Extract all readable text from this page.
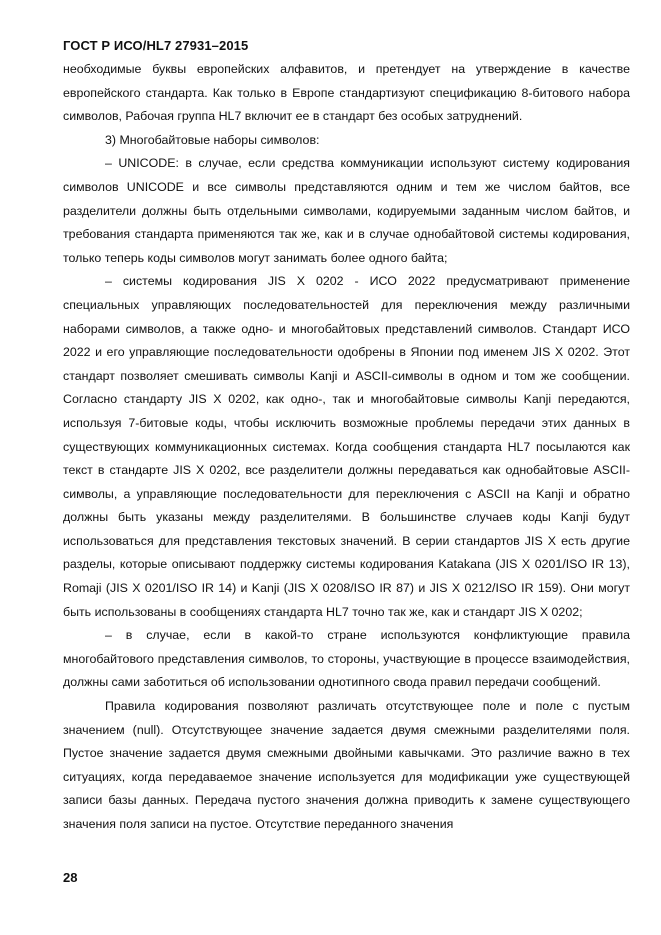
ГОСТ Р ИСО/HL7 27931–2015

необходимые буквы европейских алфавитов, и претендует на утверждение в качестве европейского стандарта. Как только в Европе стандартизуют спецификацию 8-битового набора символов, Рабочая группа HL7 включит ее в стандарт без особых затруднений.

3) Многобайтовые наборы символов:

– UNICODE: в случае, если средства коммуникации используют систему кодирования символов UNICODE и все символы представляются одним и тем же числом байтов, все разделители должны быть отдельными символами, кодируемыми заданным числом байтов, и требования стандарта применяются так же, как и в случае однобайтовой системы кодирования, только теперь коды символов могут занимать более одного байта;

– системы кодирования JIS X 0202 - ИСО 2022 предусматривают применение специальных управляющих последовательностей для переключения между различными наборами символов, а также одно- и многобайтовых представлений символов. Стандарт ИСО 2022 и его управляющие последовательности одобрены в Японии под именем JIS X 0202. Этот стандарт позволяет смешивать символы Kanji и ASCII-символы в одном и том же сообщении. Согласно стандарту JIS X 0202, как одно-, так и многобайтовые символы Kanji передаются, используя 7-битовые коды, чтобы исключить возможные проблемы передачи этих данных в существующих коммуникационных системах. Когда сообщения стандарта HL7 посылаются как текст в стандарте JIS X 0202, все разделители должны передаваться как однобайтовые ASCII-символы, а управляющие последовательности для переключения с ASCII на Kanji и обратно должны быть указаны между разделителями. В большинстве случаев коды Kanji будут использоваться для представления текстовых значений. В серии стандартов JIS X есть другие разделы, которые описывают поддержку системы кодирования Katakana (JIS X 0201/ISO IR 13), Romaji (JIS X 0201/ISO IR 14) и Kanji (JIS X 0208/ISO IR 87) и JIS X 0212/ISO IR 159). Они могут быть использованы в сообщениях стандарта HL7 точно так же, как и стандарт JIS X 0202;

– в случае, если в какой-то стране используются конфликтующие правила многобайтового представления символов, то стороны, участвующие в процессе взаимодействия, должны сами заботиться об использовании однотипного свода правил передачи сообщений.

Правила кодирования позволяют различать отсутствующее поле и поле с пустым значением (null). Отсутствующее значение задается двумя смежными разделителями поля. Пустое значение задается двумя смежными двойными кавычками. Это различие важно в тех ситуациях, когда передаваемое значение используется для модификации уже существующей записи базы данных. Передача пустого значения должна приводить к замене существующего значения поля записи на пустое. Отсутствие переданного значения

28
